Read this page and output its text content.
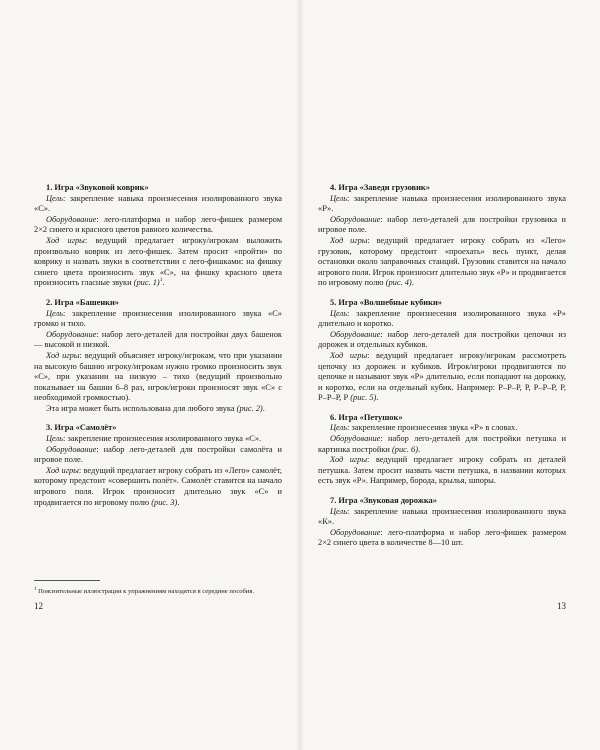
1. Игра «Звуковой коврик»

Цель: закрепление навыка произнесения изолированного звука «С».

Оборудование: лего-платформа и набор лего-фишек размером 2×2 синего и красного цветов равного количества.

Ход игры: ведущий предлагает игроку/игрокам выложить произвольно коврик из лего-фишек. Затем просит «пройти» по коврику и назвать звуки в соответствии с лего-фишками: на фишку синего цвета произносить звук «С», на фишку красного цвета произносить гласные звуки (рис. 1)$^1$.

2. Игра «Башенки»

Цель: закрепление произнесения изолированного звука «С» громко и тихо.

Оборудование: набор лего-деталей для постройки двух башенок — высокой и низкой.

Ход игры: ведущий объясняет игроку/игрокам, что при указании на высокую башню игроку/игрокам нужно громко произносить звук «С», при указании на низкую – тихо (ведущий произвольно показывает на башни 6–8 раз, игрок/игроки произносят звук «С» с необходимой громкостью).

Эта игра может быть использована для любого звука (рис. 2).

3. Игра «Самолёт»

Цель: закрепление произнесения изолированного звука «С».

Оборудование: набор лего-деталей для постройки самолёта и игровое поле.

Ход игры: ведущий предлагает игроку собрать из «Лего» самолёт, которому предстоит «совершить полёт». Самолёт ставится на начало игрового поля. Игрок произносит длительно звук «С» и продвигается по игровому полю (рис. 3).

$^1$ Пояснительные иллюстрации к упражнениям находятся в середине пособия.
12
4. Игра «Заведи грузовик»

Цель: закрепление навыка произнесения изолированного звука «Р».

Оборудование: набор лего-деталей для постройки грузовика и игровое поле.

Ход игры: ведущий предлагает игроку собрать из «Лего» грузовик, которому предстоит «проехать» весь пункт, делая остановки около заправочных станций. Грузовик ставится на начало игрового поля. Игрок произносит длительно звук «Р» и продвигается по игровому полю (рис. 4).

5. Игра «Волшебные кубики»

Цель: закрепление произнесения изолированного звука «Р» длительно и коротко.

Оборудование: набор лего-деталей для постройки цепочки из дорожек и отдельных кубиков.

Ход игры: ведущий предлагает игроку/игрокам рассмотреть цепочку из дорожек и кубиков. Игрок/игроки продвигаются по цепочке и называют звук «Р» длительно, если попадают на дорожку, и коротко, если на отдельный кубик. Например: Р–Р–Р, Р, Р–Р–Р, Р, Р–Р–Р, Р (рис. 5).

6. Игра «Петушок»

Цель: закрепление произнесения звука «Р» в словах.

Оборудование: набор лего-деталей для постройки петушка и картинка постройки (рис. 6).

Ход игры: ведущий предлагает игроку собрать из деталей петушка. Затем просит назвать части петушка, в названии которых есть звук «Р». Например, борода, крылья, шпоры.

7. Игра «Звуковая дорожка»

Цель: закрепление навыка произнесения изолированного звука «К».

Оборудование: лего-платформа и набор лего-фишек размером 2×2 синего цвета в количестве 8—10 шт.

13
